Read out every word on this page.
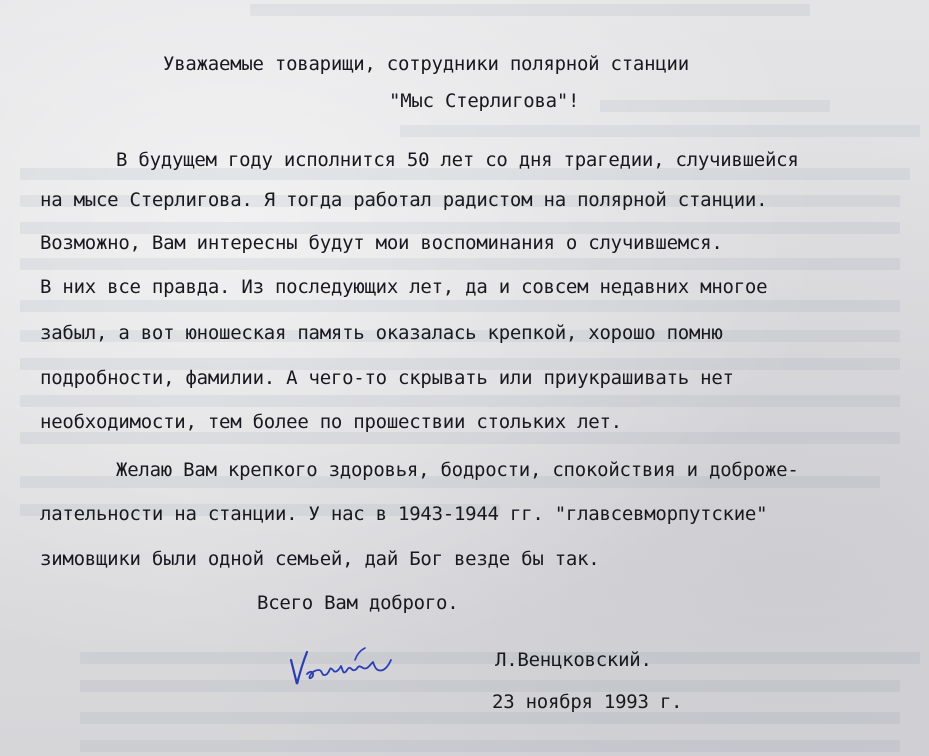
Уважаемые товарищи, сотрудники полярной станции
"Мыс Стерлигова"!
В будущем году исполнится 50 лет со дня трагедии, случившейся
на мысе Стерлигова. Я тогда работал радистом на полярной станции.
Возможно, Вам интересны будут мои воспоминания о случившемся.
В них все правда. Из последующих лет, да и совсем недавних многое
забыл, а вот юношеская память оказалась крепкой, хорошо помню
подробности, фамилии. А чего-то скрывать или приукрашивать нет
необходимости, тем более по прошествии стольких лет.
Желаю Вам крепкого здоровья, бодрости, спокойствия и доброже-
лательности на станции. У нас в 1943-1944 гг. "главсевморпутские"
зимовщики были одной семьей, дай Бог везде бы так.
Всего Вам доброго.
Л.Венцковский.
23 ноября 1993 г.
